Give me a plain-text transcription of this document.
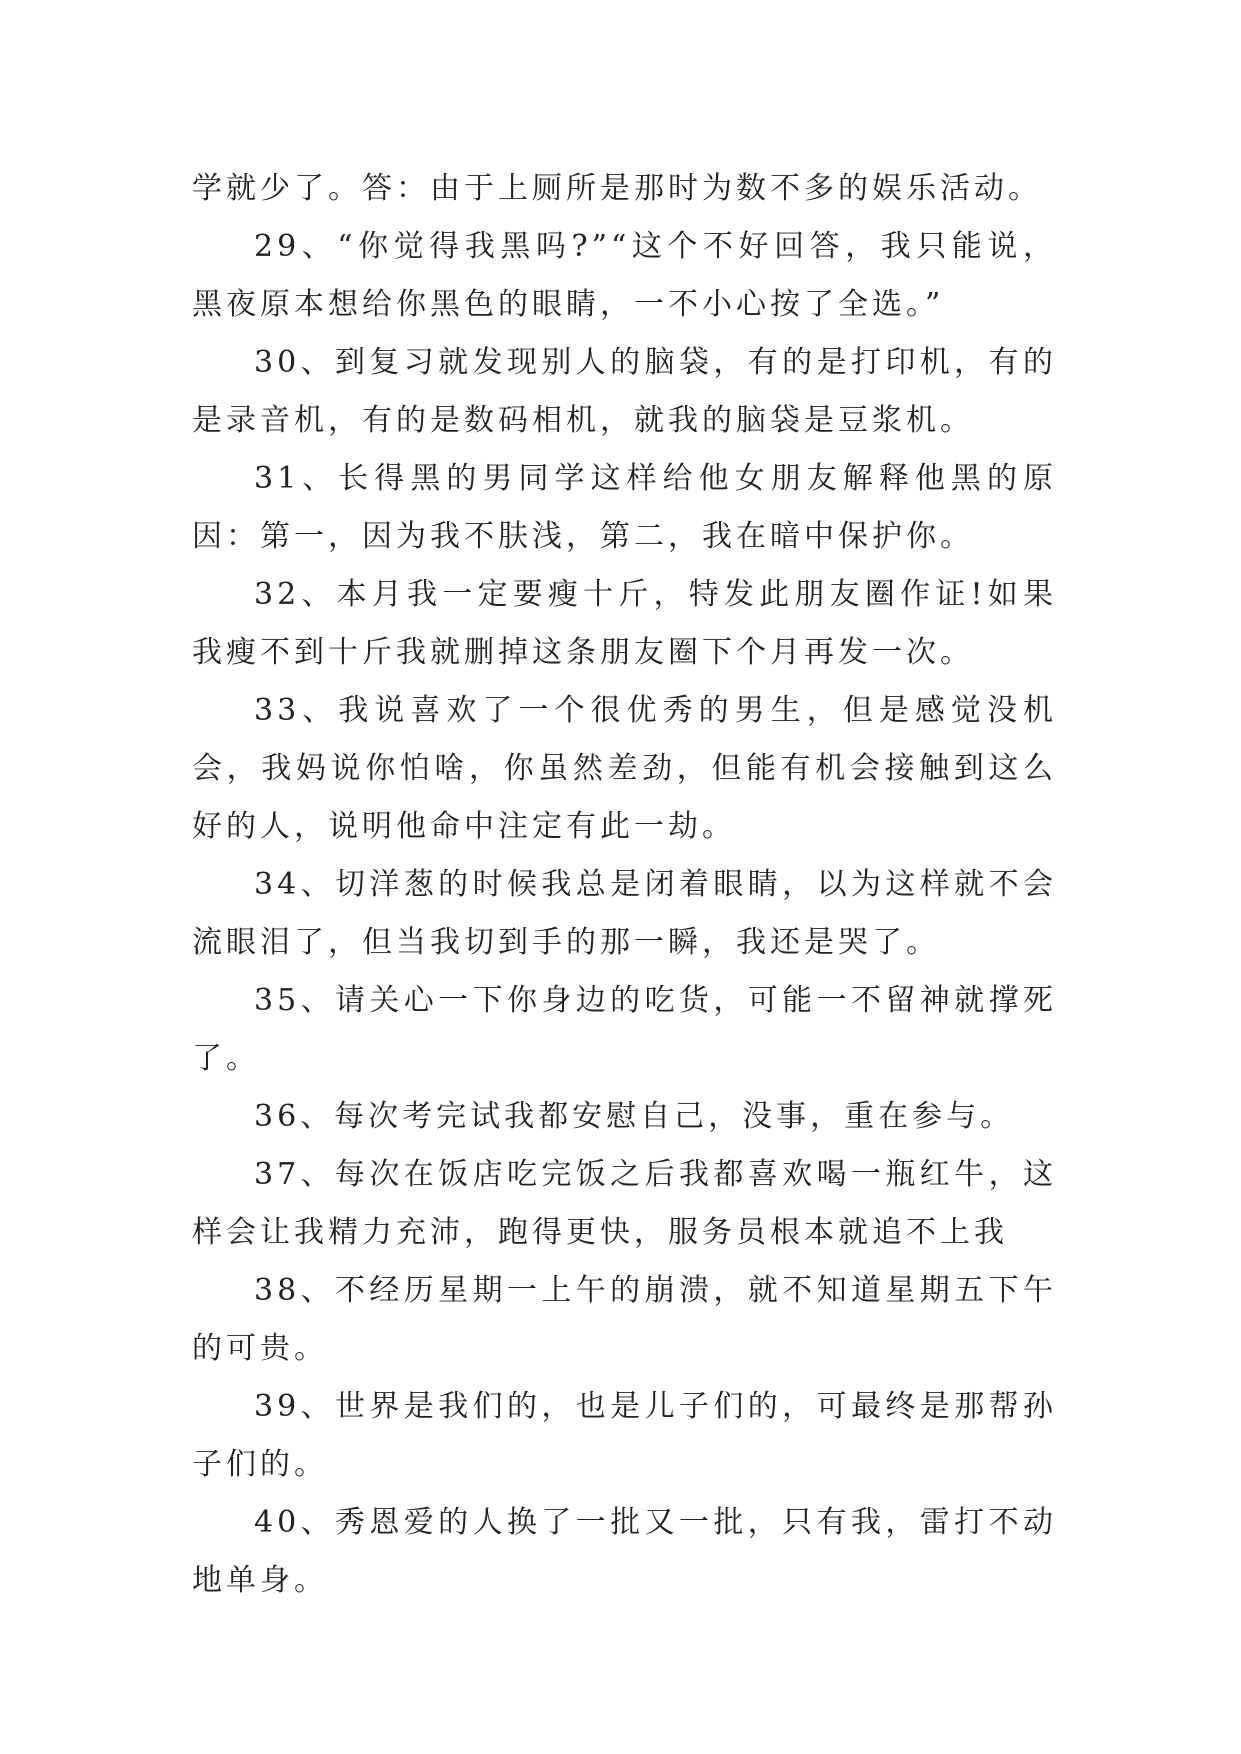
学就少了。答：由于上厕所是那时为数不多的娱乐活动。

29、“你觉得我黑吗?”“这个不好回答，我只能说，黑夜原本想给你黑色的眼睛，一不小心按了全选。”

30、到复习就发现别人的脑袋，有的是打印机，有的是录音机，有的是数码相机，就我的脑袋是豆浆机。

31、长得黑的男同学这样给他女朋友解释他黑的原因：第一，因为我不肤浅，第二，我在暗中保护你。

32、本月我一定要瘦十斤，特发此朋友圈作证!如果我瘦不到十斤我就删掉这条朋友圈下个月再发一次。

33、我说喜欢了一个很优秀的男生，但是感觉没机会，我妈说你怕啥，你虽然差劲，但能有机会接触到这么好的人，说明他命中注定有此一劫。

34、切洋葱的时候我总是闭着眼睛，以为这样就不会流眼泪了，但当我切到手的那一瞬，我还是哭了。

35、请关心一下你身边的吃货，可能一不留神就撑死了。

36、每次考完试我都安慰自己，没事，重在参与。

37、每次在饭店吃完饭之后我都喜欢喝一瓶红牛，这样会让我精力充沛，跑得更快，服务员根本就追不上我

38、不经历星期一上午的崩溃，就不知道星期五下午的可贵。

39、世界是我们的，也是儿子们的，可最终是那帮孙子们的。

40、秀恩爱的人换了一批又一批，只有我，雷打不动地单身。
